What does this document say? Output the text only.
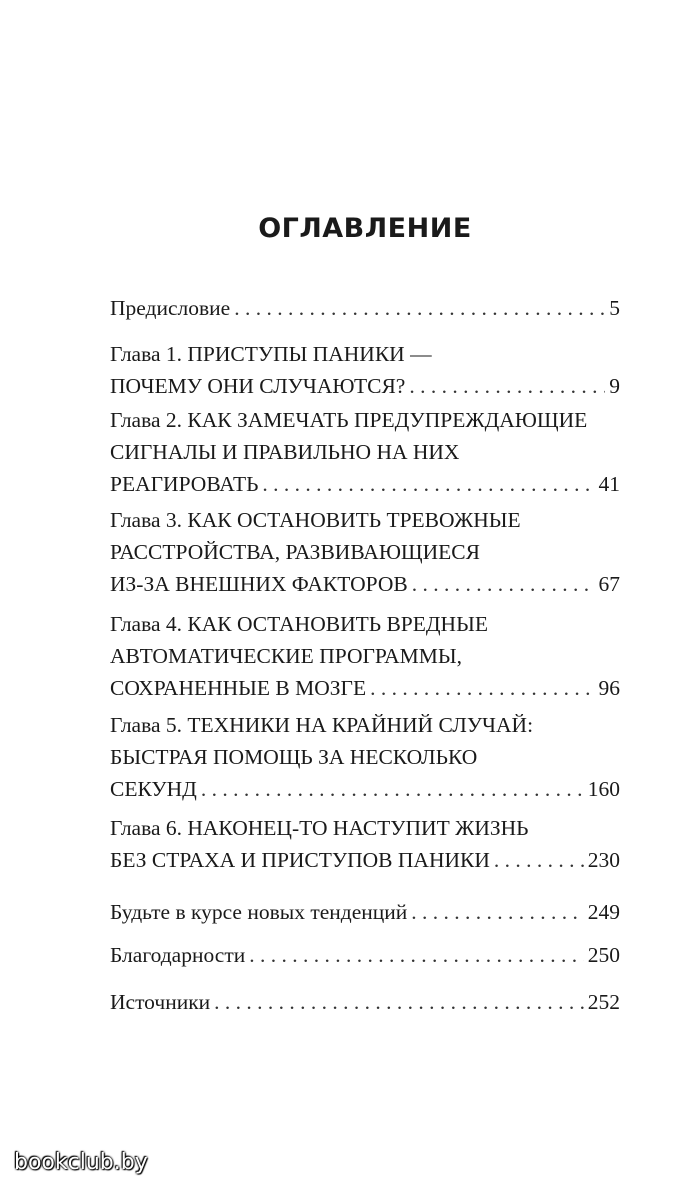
ОГЛАВЛЕНИЕ
Предисловие . . .	5
Глава 1. ПРИСТУПЫ ПАНИКИ —
ПОЧЕМУ ОНИ СЛУЧАЮТСЯ? . . .	9
Глава 2. КАК ЗАМЕЧАТЬ ПРЕДУПРЕЖДАЮЩИЕ
СИГНАЛЫ И ПРАВИЛЬНО НА НИХ
РЕАГИРОВАТЬ . . .	41
Глава 3. КАК ОСТАНОВИТЬ ТРЕВОЖНЫЕ
РАССТРОЙСТВА, РАЗВИВАЮЩИЕСЯ
ИЗ-ЗА ВНЕШНИХ ФАКТОРОВ . . .	67
Глава 4. КАК ОСТАНОВИТЬ ВРЕДНЫЕ
АВТОМАТИЧЕСКИЕ ПРОГРАММЫ,
СОХРАНЕННЫЕ В МОЗГЕ . . .	96
Глава 5. ТЕХНИКИ НА КРАЙНИЙ СЛУЧАЙ:
БЫСТРАЯ ПОМОЩЬ ЗА НЕСКОЛЬКО
СЕКУНД . . .	160
Глава 6. НАКОНЕЦ-ТО НАСТУПИТ ЖИЗНЬ
БЕЗ СТРАХА И ПРИСТУПОВ ПАНИКИ . . .	230
Будьте в курсе новых тенденций . . .	249
Благодарности . . .	250
Источники . . .	252
bookclub.by
